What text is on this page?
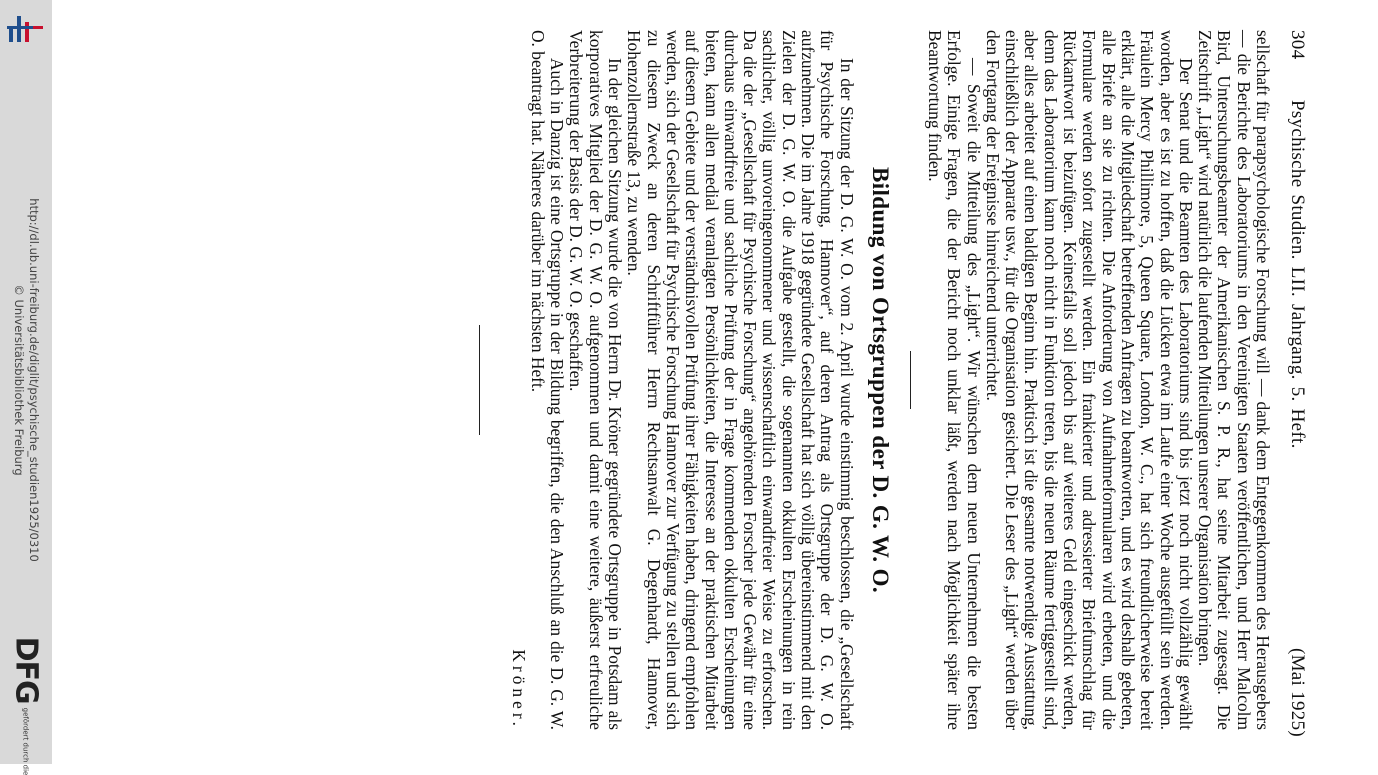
http://dl.ub.uni-freiburg.de/diglit/psychische_studien1925/0310
© Universitätsbibliothek Freiburg
DFG
gefördert durch die
304
Psychische Studien. LII. Jahrgang. 5. Heft.
(Mai 1925)

sellschaft für parapsychologische Forschung will — dank dem Entgegenkommen des Herausgebers — die Berichte des Laboratoriums in den Vereinigten Staaten veröffentlichen, und Herr Malcolm Bird, Untersuchungsbeamter der Amerikanischen S. P. R., hat seine Mitarbeit zugesagt. Die Zeitschrift „Light“ wird natürlich die laufenden Mitteilungen unserer Organisation bringen.

Der Senat und die Beamten des Laboratoriums sind bis jetzt noch nicht vollzählig gewählt worden, aber es ist zu hoffen, daß die Lücken etwa im Laufe einer Woche ausgefüllt sein werden. Fräulein Mercy Phillimore, 5, Queen Square, London, W. C., hat sich freundlicherweise bereit erklärt, alle die Mitgliedschaft betreffenden Anfragen zu beantworten, und es wird deshalb gebeten, alle Briefe an sie zu richten. Die Anforderung von Aufnahmeformularen wird erbeten, und die Formulare werden sofort zugestellt werden. Ein frankierter und adressierter Briefumschlag für Rückantwort ist beizufügen. Keinesfalls soll jedoch bis auf weiteres Geld eingeschickt werden, denn das Laboratorium kann noch nicht in Funktion treten, bis die neuen Räume fertiggestellt sind, aber alles arbeitet auf einen baldigen Beginn hin. Praktisch ist die gesamte notwendige Ausstattung, einschließlich der Apparate usw., für die Organisation gesichert. Die Leser des „Light“ werden über den Fortgang der Ereignisse hinreichend unterrichtet.

— Soweit die Mitteilung des „Light“. Wir wünschen dem neuen Unternehmen die besten Erfolge. Einige Fragen, die der Bericht noch unklar läßt, werden nach Möglichkeit später ihre Beantwortung finden.

Bildung von Ortsgruppen der D. G. W. O.

In der Sitzung der D. G. W. O. vom 2. April wurde einstimmig beschlossen, die „Gesellschaft für Psychische Forschung, Hannover“, auf deren Antrag als Ortsgruppe der D. G. W. O. aufzunehmen. Die im Jahre 1918 gegründete Gesellschaft hat sich völlig übereinstimmend mit den Zielen der D. G. W. O. die Aufgabe gestellt, die sogenannten okkulten Erscheinungen in rein sachlicher, völlig unvoreingenommener und wissenschaftlich einwandfreier Weise zu erforschen. Da die der „Gesellschaft für Psychische Forschung“ angehörenden Forscher jede Gewähr für eine durchaus einwandfreie und sachliche Prüfung der in Frage kommenden okkulten Erscheinungen bieten, kann allen medial veranlagten Persönlichkeiten, die Interesse an der praktischen Mitarbeit auf diesem Gebiete und der verständnisvollen Prüfung ihrer Fähigkeiten haben, dringend empfohlen werden, sich der Gesellschaft für Psychische Forschung Hannover zur Verfügung zu stellen und sich zu diesem Zweck an deren Schriftführer Herrn Rechtsanwalt G. Degenhardt, Hannover, Hohenzollernstraße 13, zu wenden.

In der gleichen Sitzung wurde die von Herrn Dr. Kröner gegründete Ortsgruppe in Potsdam als korporatives Mitglied der D. G. W. O. aufgenommen und damit eine weitere, äußerst erfreuliche Verbreiterung der Basis der D. G. W. O. geschaffen.

Auch in Danzig ist eine Ortsgruppe in der Bildung begriffen, die den Anschluß an die D. G. W. O. beantragt hat. Näheres darüber im nächsten Heft.

Kröner.
